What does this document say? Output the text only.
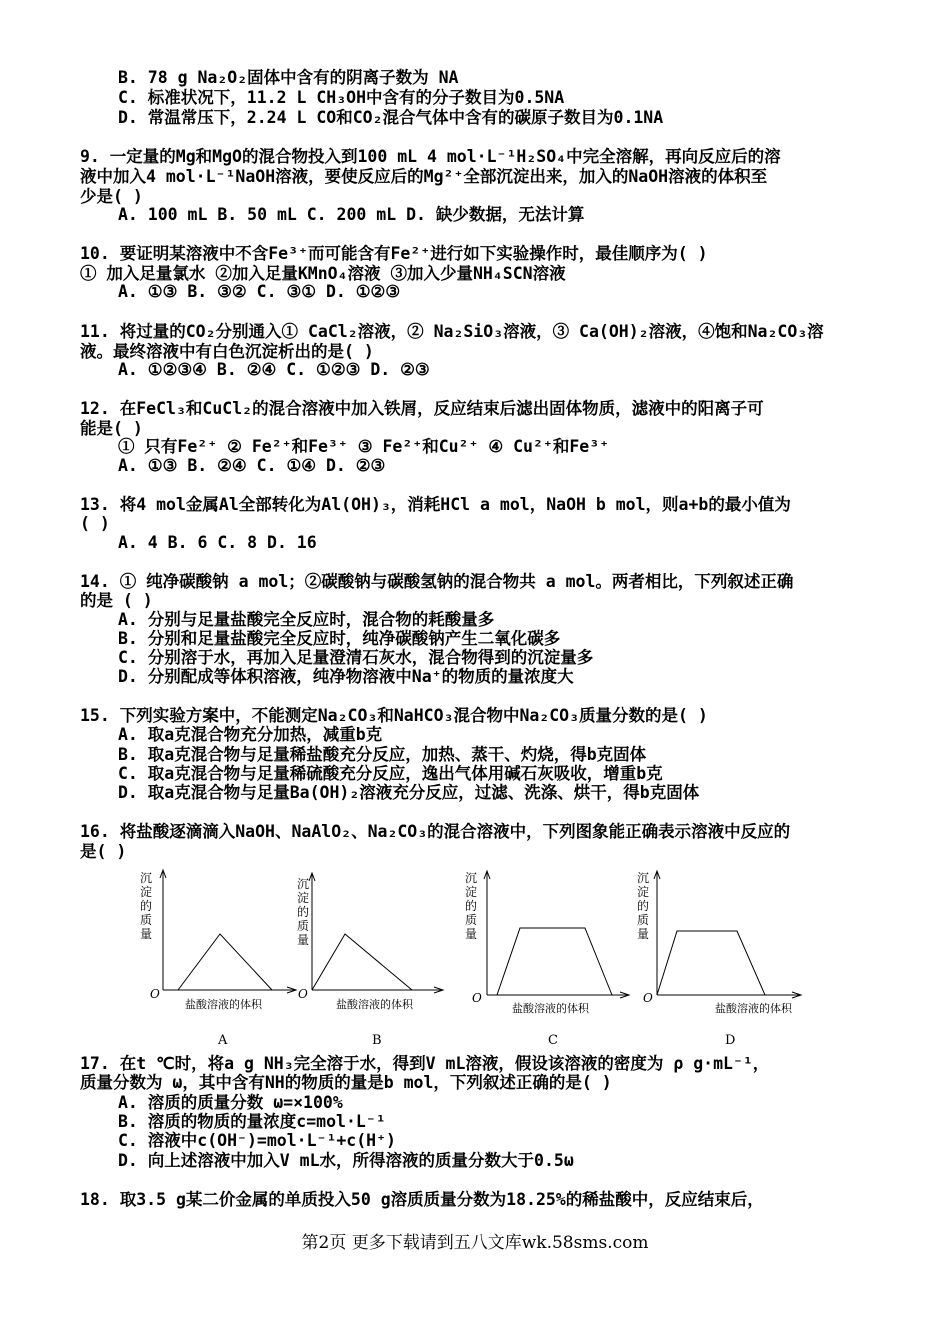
B. 78 g Na₂O₂固体中含有的阴离子数为 NA
C. 标准状况下，11.2 L CH₃OH中含有的分子数目为0.5NA
D. 常温常压下，2.24 L CO和CO₂混合气体中含有的碳原子数目为0.1NA
9. 一定量的Mg和MgO的混合物投入到100 mL 4 mol·L⁻¹H₂SO₄中完全溶解，再向反应后的溶
液中加入4 mol·L⁻¹NaOH溶液，要使反应后的Mg²⁺全部沉淀出来，加入的NaOH溶液的体积至
少是( )
A. 100 mL B. 50 mL C. 200 mL D. 缺少数据，无法计算
10. 要证明某溶液中不含Fe³⁺而可能含有Fe²⁺进行如下实验操作时，最佳顺序为( )
① 加入足量氯水 ②加入足量KMnO₄溶液 ③加入少量NH₄SCN溶液
A. ①③ B. ③② C. ③① D. ①②③
11. 将过量的CO₂分别通入① CaCl₂溶液，② Na₂SiO₃溶液，③ Ca(OH)₂溶液，④饱和Na₂CO₃溶
液。最终溶液中有白色沉淀析出的是( )
A. ①②③④ B. ②④ C. ①②③ D. ②③
12. 在FeCl₃和CuCl₂的混合溶液中加入铁屑，反应结束后滤出固体物质，滤液中的阳离子可
能是( )
① 只有Fe²⁺ ② Fe²⁺和Fe³⁺ ③ Fe²⁺和Cu²⁺ ④ Cu²⁺和Fe³⁺
A. ①③ B. ②④ C. ①④ D. ②③
13. 将4 mol金属Al全部转化为Al(OH)₃，消耗HCl a mol，NaOH b mol，则a+b的最小值为
( )
A. 4 B. 6 C. 8 D. 16
14. ① 纯净碳酸钠 a mol；②碳酸钠与碳酸氢钠的混合物共 a mol。两者相比，下列叙述正确
的是 ( )
A. 分别与足量盐酸完全反应时，混合物的耗酸量多
B. 分别和足量盐酸完全反应时，纯净碳酸钠产生二氧化碳多
C. 分别溶于水，再加入足量澄清石灰水，混合物得到的沉淀量多
D. 分别配成等体积溶液，纯净物溶液中Na⁺的物质的量浓度大
15. 下列实验方案中，不能测定Na₂CO₃和NaHCO₃混合物中Na₂CO₃质量分数的是( )
A. 取a克混合物充分加热，减重b克
B. 取a克混合物与足量稀盐酸充分反应，加热、蒸干、灼烧，得b克固体
C. 取a克混合物与足量稀硫酸充分反应，逸出气体用碱石灰吸收，增重b克
D. 取a克混合物与足量Ba(OH)₂溶液充分反应，过滤、洗涤、烘干，得b克固体
16. 将盐酸逐滴滴入NaOH、NaAlO₂、Na₂CO₃的混合溶液中，下列图象能正确表示溶液中反应的
是( )
沉
淀
的
质
量
O
盐酸溶液的体积
A
沉
淀
的
质
量
O
盐酸溶液的体积
B
沉
淀
的
质
量
O
盐酸溶液的体积
C
沉
淀
的
质
量
O
盐酸溶液的体积
D
17. 在t ℃时，将a g NH₃完全溶于水，得到V mL溶液，假设该溶液的密度为 ρ g·mL⁻¹，
质量分数为 ω，其中含有NH的物质的量是b mol，下列叙述正确的是( )
A. 溶质的质量分数 ω=×100%
B. 溶质的物质的量浓度c=mol·L⁻¹
C. 溶液中c(OH⁻)=mol·L⁻¹+c(H⁺)
D. 向上述溶液中加入V mL水，所得溶液的质量分数大于0.5ω
18. 取3.5 g某二价金属的单质投入50 g溶质质量分数为18.25%的稀盐酸中，反应结束后，
第2页 更多下载请到五八文库wk.58sms.com
